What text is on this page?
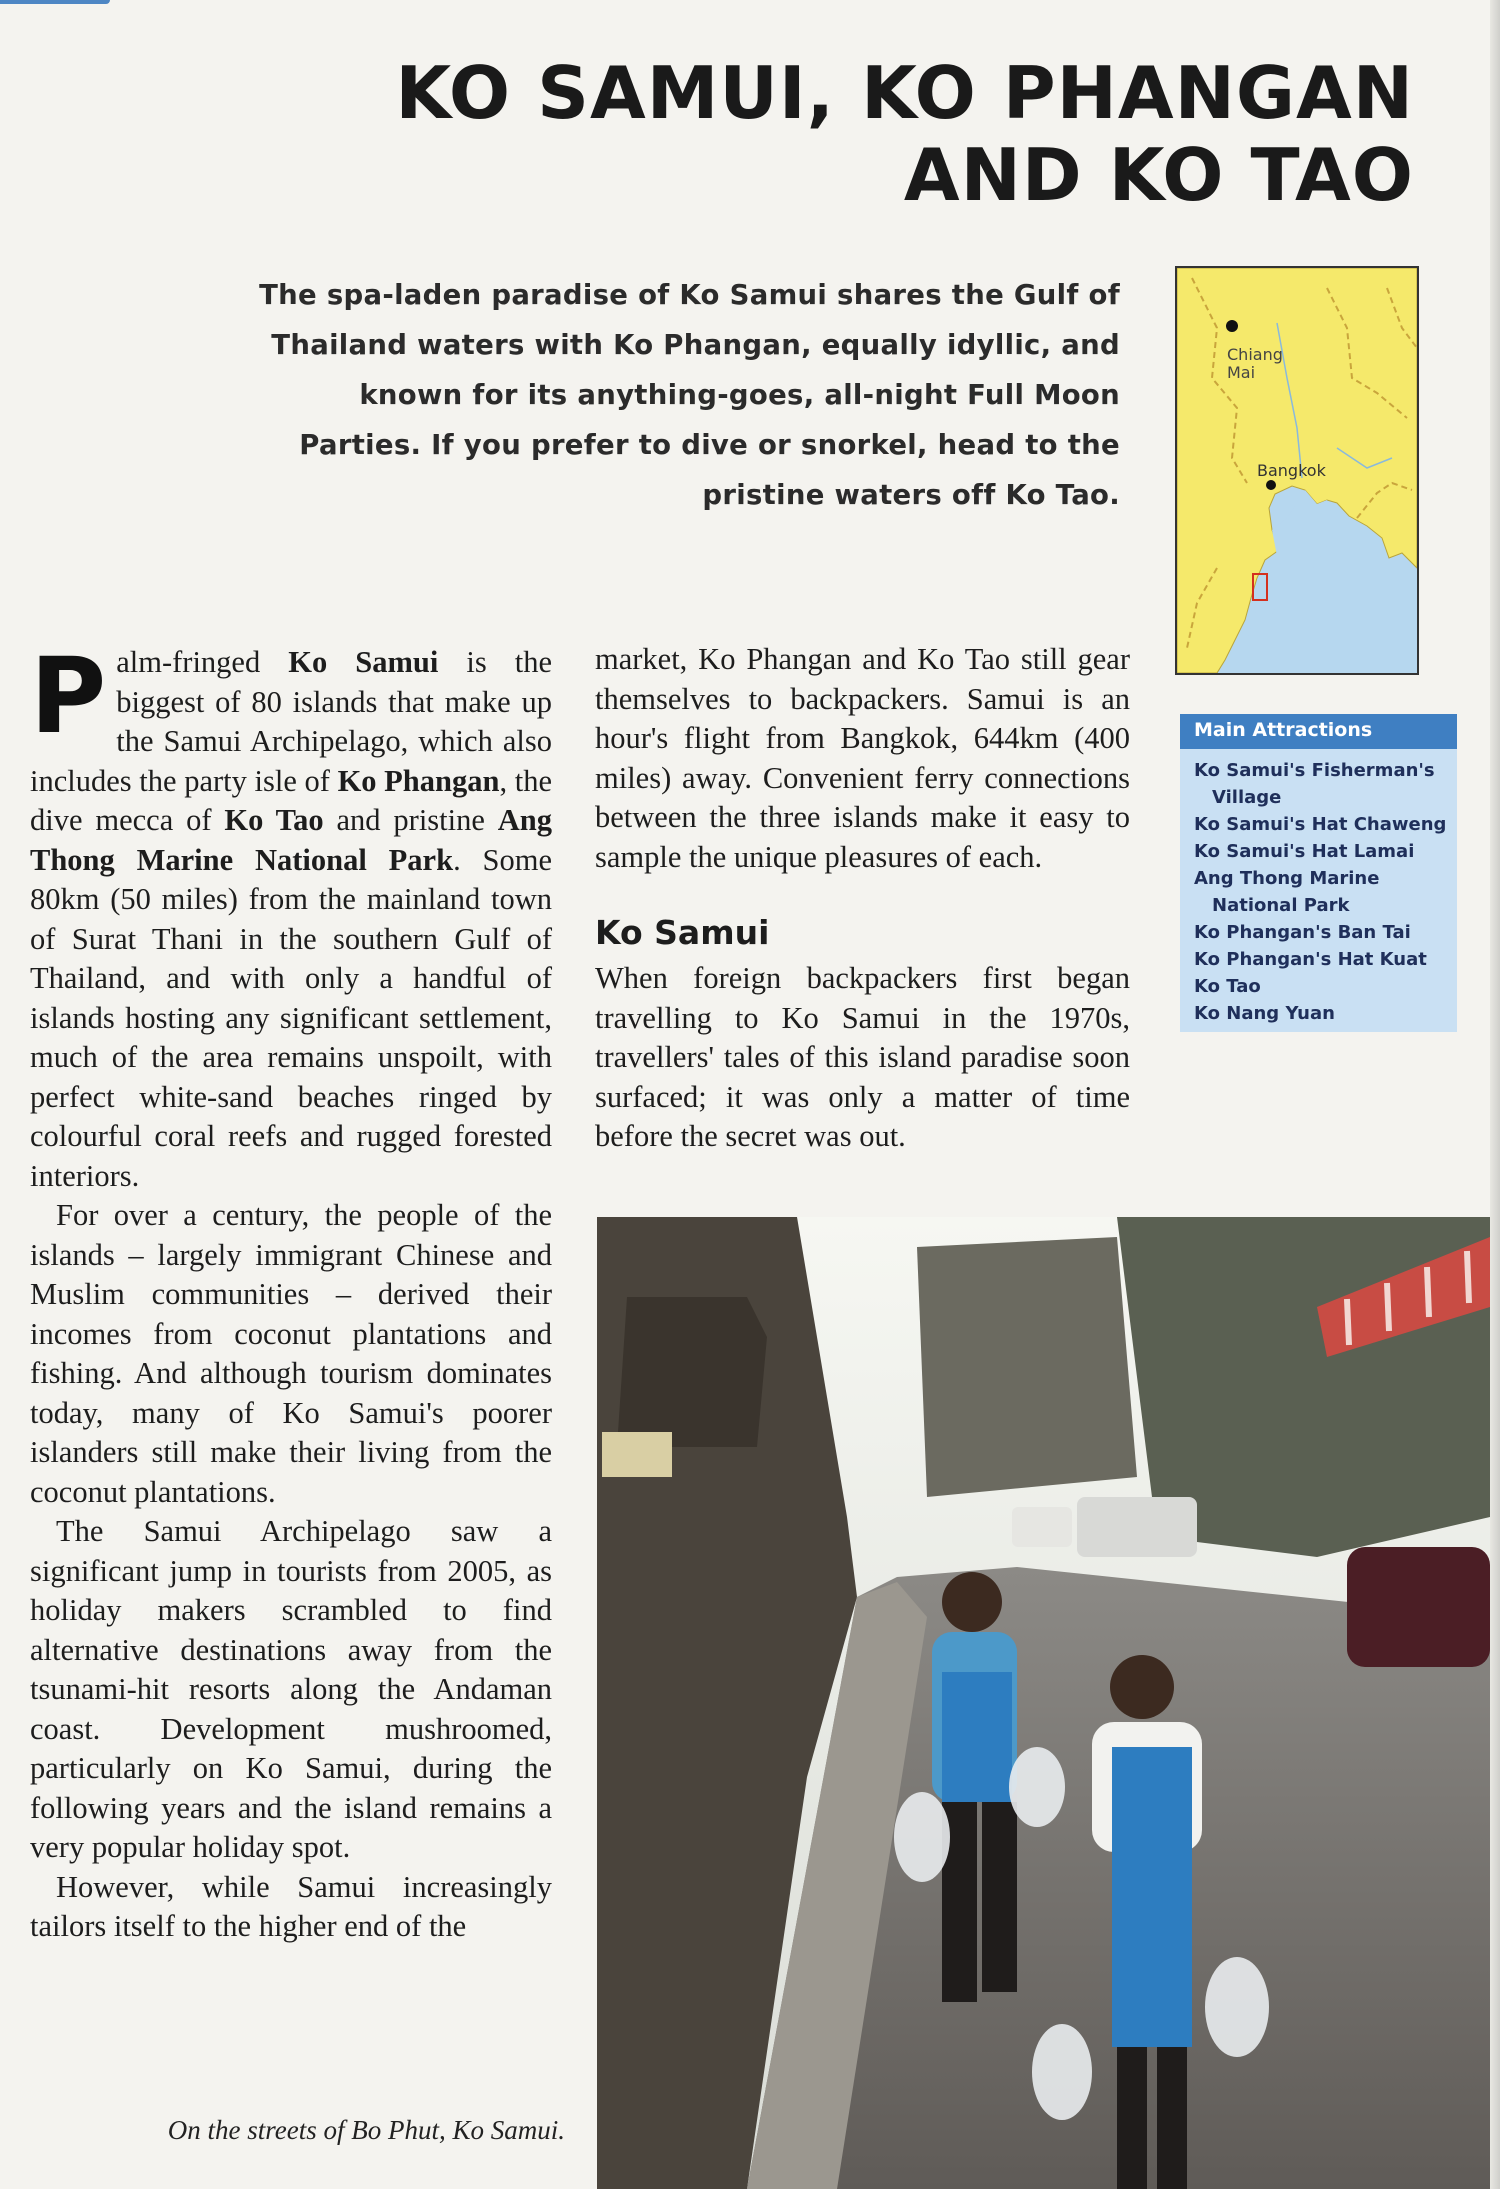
KO SAMUI, KO PHANGAN
AND KO TAO
The spa-laden paradise of Ko Samui shares the Gulf of Thailand waters with Ko Phangan, equally idyllic, and known for its anything-goes, all-night Full Moon Parties. If you prefer to dive or snorkel, head to the pristine waters off Ko Tao.
Chiang
Mai
Bangkok
Main Attractions
Ko Samui's Fisherman's Village
Ko Samui's Hat Chaweng
Ko Samui's Hat Lamai
Ang Thong Marine National Park
Ko Phangan's Ban Tai
Ko Phangan's Hat Kuat
Ko Tao
Ko Nang Yuan

Palm-fringed Ko Samui is the biggest of 80 islands that make up the Samui Archipelago, which also includes the party isle of Ko Phangan, the dive mecca of Ko Tao and pristine Ang Thong Marine National Park. Some 80km (50 miles) from the mainland town of Surat Thani in the southern Gulf of Thailand, and with only a handful of islands hosting any significant settlement, much of the area remains unspoilt, with perfect white-sand beaches ringed by colourful coral reefs and rugged forested interiors.

For over a century, the people of the islands – largely immigrant Chinese and Muslim communities – derived their incomes from coconut plantations and fishing. And although tourism dominates today, many of Ko Samui's poorer islanders still make their living from the coconut plantations.

The Samui Archipelago saw a significant jump in tourists from 2005, as holiday makers scrambled to find alternative destinations away from the tsunami-hit resorts along the Andaman coast. Development mushroomed, particularly on Ko Samui, during the following years and the island remains a very popular holiday spot.

However, while Samui increasingly tailors itself to the higher end of the

market, Ko Phangan and Ko Tao still gear themselves to backpackers. Samui is an hour's flight from Bangkok, 644km (400 miles) away. Convenient ferry connections between the three islands make it easy to sample the unique pleasures of each.

Ko Samui

When foreign backpackers first began travelling to Ko Samui in the 1970s, travellers' tales of this island paradise soon surfaced; it was only a matter of time before the secret was out.

On the streets of Bo Phut, Ko Samui.
